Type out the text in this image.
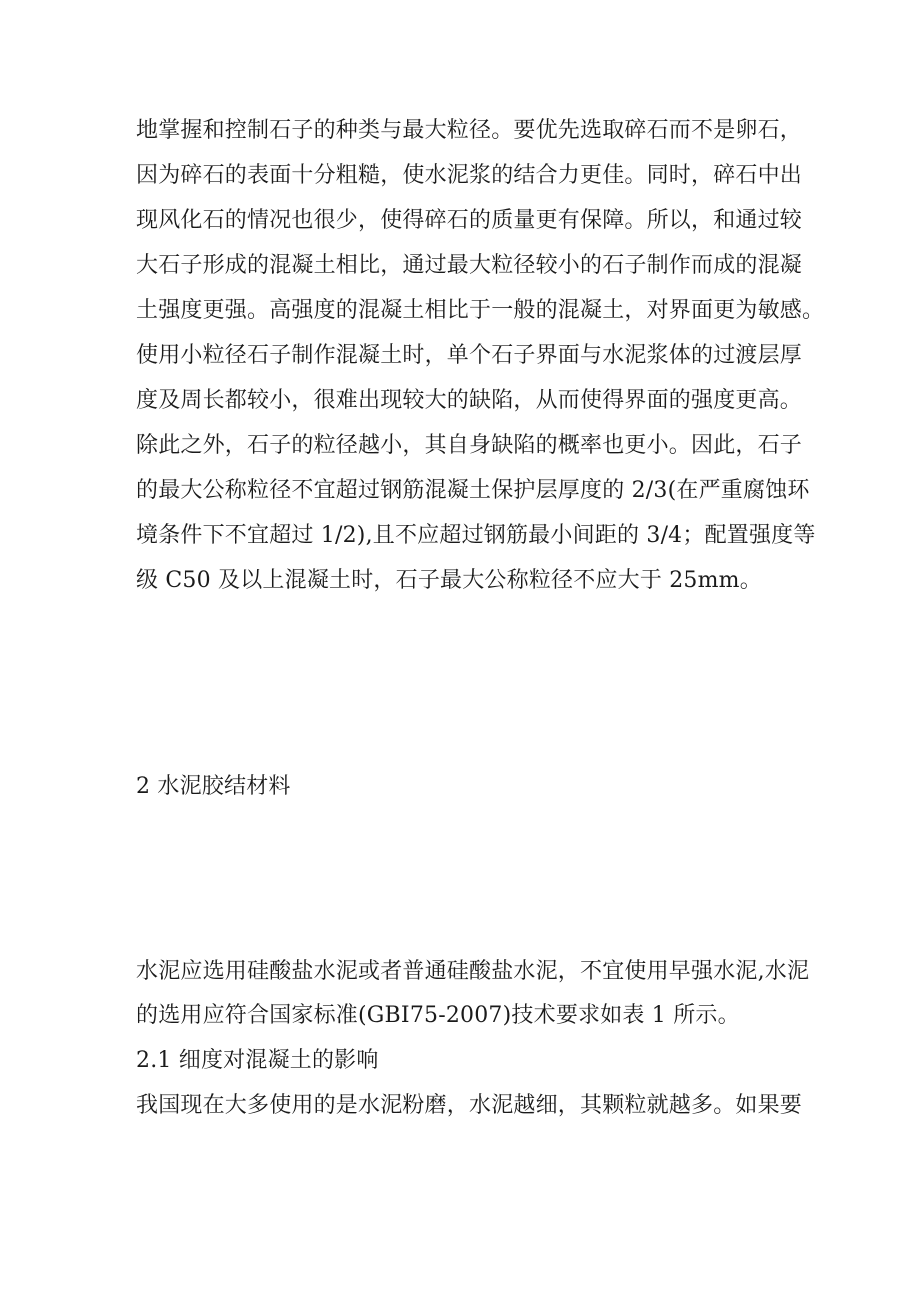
地掌握和控制石子的种类与最大粒径。要优先选取碎石而不是卵石，
因为碎石的表面十分粗糙，使水泥浆的结合力更佳。同时，碎石中出
现风化石的情况也很少，使得碎石的质量更有保障。所以，和通过较
大石子形成的混凝土相比，通过最大粒径较小的石子制作而成的混凝
土强度更强。高强度的混凝土相比于一般的混凝土，对界面更为敏感。
使用小粒径石子制作混凝土时，单个石子界面与水泥浆体的过渡层厚
度及周长都较小，很难出现较大的缺陷，从而使得界面的强度更高。
除此之外，石子的粒径越小，其自身缺陷的概率也更小。因此，石子
的最大公称粒径不宜超过钢筋混凝土保护层厚度的 2/3(在严重腐蚀环
境条件下不宜超过 1/2),且不应超过钢筋最小间距的 3/4；配置强度等
级 C50 及以上混凝土时，石子最大公称粒径不应大于 25mm。
2 水泥胶结材料
水泥应选用硅酸盐水泥或者普通硅酸盐水泥，不宜使用早强水泥,水泥
的选用应符合国家标准(GBI75-2007)技术要求如表 1 所示。
2.1 细度对混凝土的影响
我国现在大多使用的是水泥粉磨，水泥越细，其颗粒就越多。如果要
